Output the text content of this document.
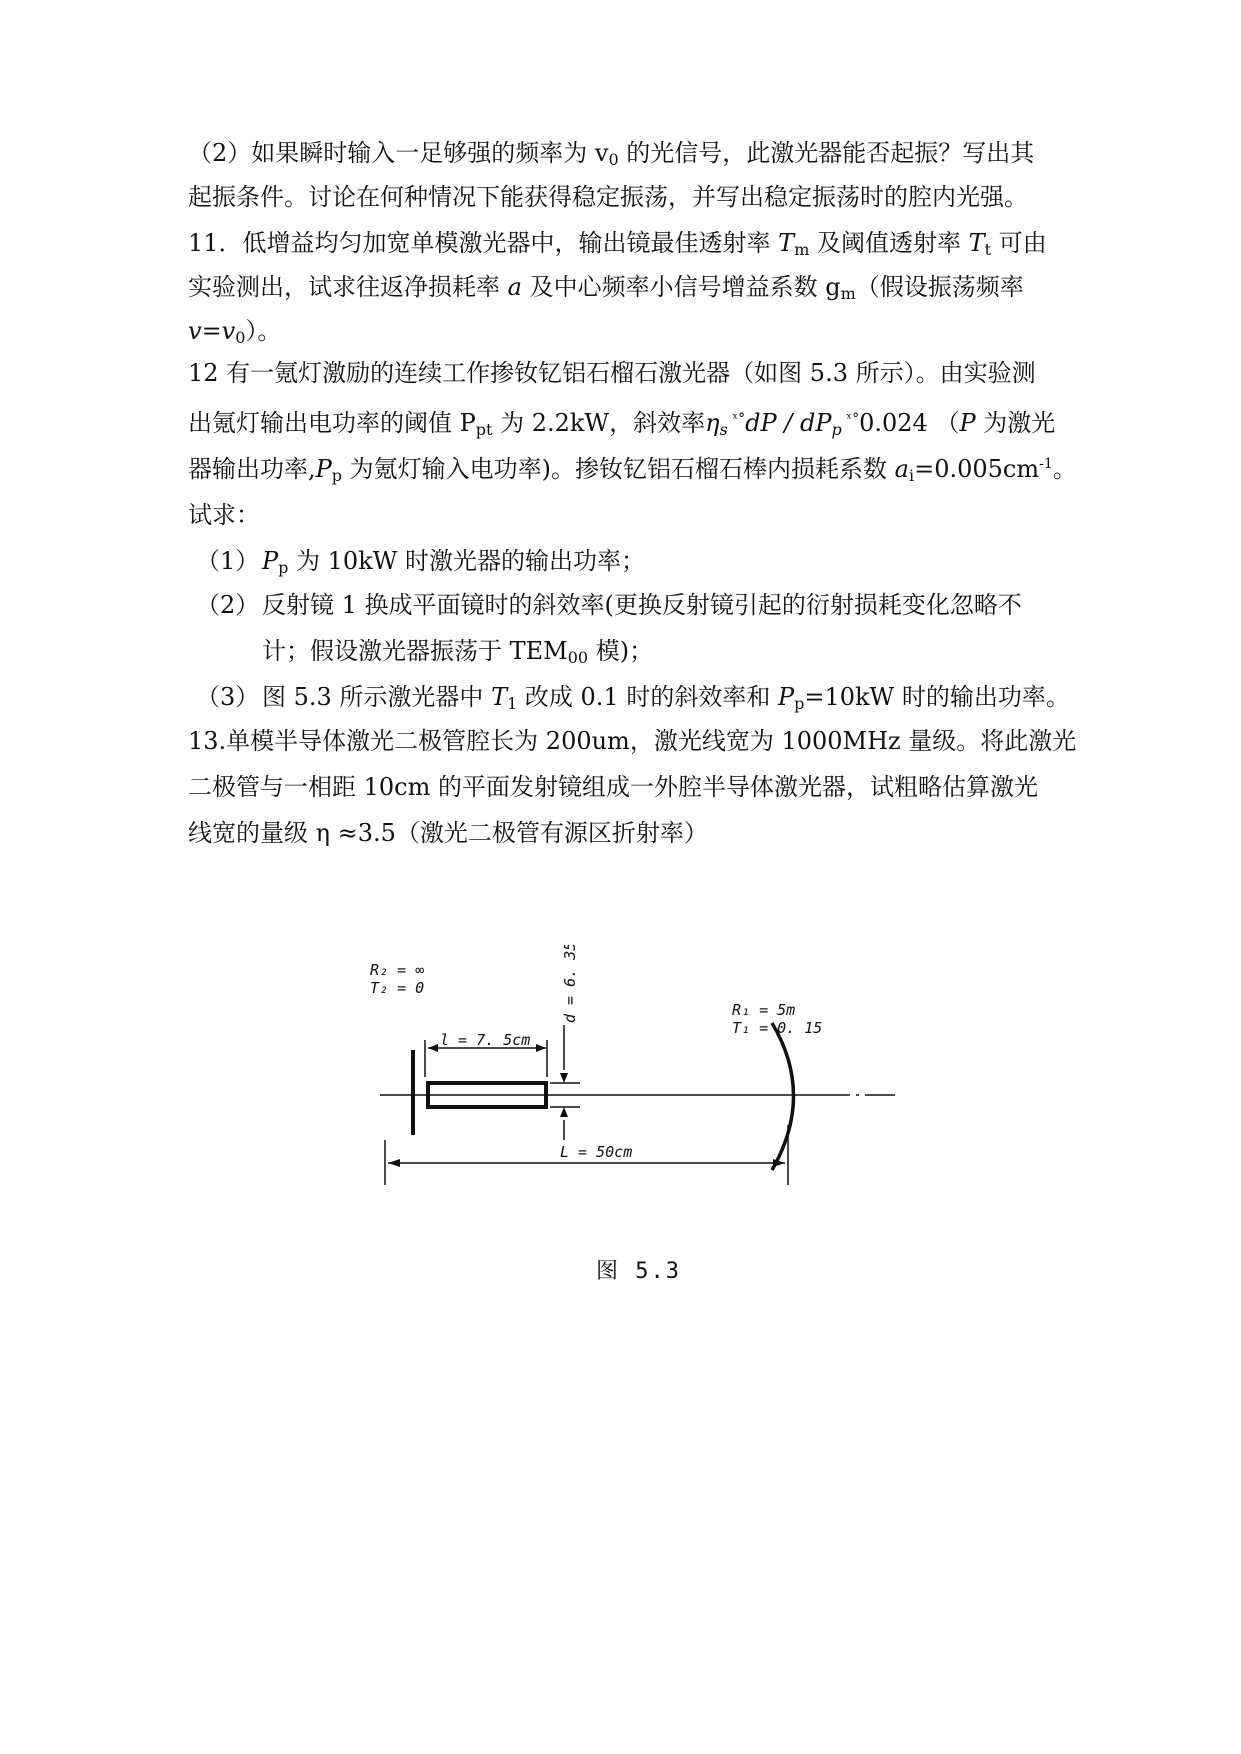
（2）如果瞬时输入一足够强的频率为 $v_0$ 的光信号，此激光器能否起振？写出其
起振条件。讨论在何种情况下能获得稳定振荡，并写出稳定振荡时的腔内光强。
11．低增益均匀加宽单模激光器中，输出镜最佳透射率 $T_m$ 及阈值透射率 $T_t$ 可由
实验测出，试求往返净损耗率 a 及中心频率小信号增益系数 $g_m$（假设振荡频率
$v=v_0$）。
12 有一氪灯激励的连续工作掺钕钇铝石榴石激光器（如图 5.3 所示）。由实验测
出氪灯输出电功率的阈值 $P_{pt}$ 为 2.2kW，斜效率$\eta_s$ $^{ˣ^\circ}dP / dP_p$ $^{ˣ^\circ}$0.024 （P 为激光
器输出功率$,P_p$ 为氪灯输入电功率)。掺钕钇铝石榴石棒内损耗系数 $a_i=0.005cm^{-1}$。
试求：
（1） $P_p$ 为 10kW 时激光器的输出功率；
（2） 反射镜 1 换成平面镜时的斜效率(更换反射镜引起的衍射损耗变化忽略不
计；假设激光器振荡于 $TEM_{00}$ 模)；
（3） 图 5.3 所示激光器中 $T_1$ 改成 0.1 时的斜效率和 $P_p=10kW$ 时的输出功率。
13.单模半导体激光二极管腔长为 200um，激光线宽为 1000MHz 量级。将此激光
二极管与一相距 10cm 的平面发射镜组成一外腔半导体激光器，试粗略估算激光
线宽的量级 η ≈3.5（激光二极管有源区折射率）
R₂ = ∞
T₂ = 0
l = 7. 5cm
R₁ = 5m
T₁ = 0. 15
L = 50cm
d = 6. 35mm
图 5.3
